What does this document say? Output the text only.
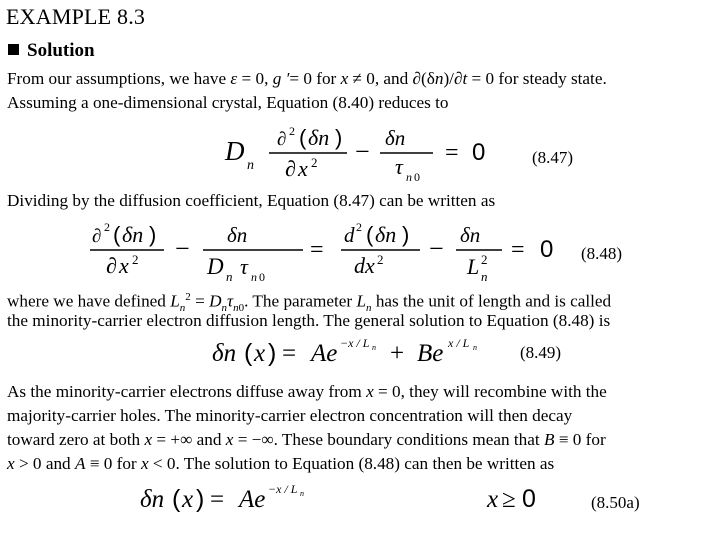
EXAMPLE 8.3
Solution
From our assumptions, we have ε = 0, g ′= 0 for x ≠ 0, and ∂(δn)/∂t = 0 for steady state.
Assuming a one-dimensional crystal, Equation (8.40) reduces to
D n
∂ 2 ( δn )
∂ x 2 − δn
τ n 0
= 0	(8.47)
Dividing by the diffusion coefficient, Equation (8.47) can be written as
∂ 2 ( δn )
∂ x 2 − δn
D n τ n 0
=
d 2 ( δn )
dx 2 − δn
L 2
n
= 0 (8.48)
where we have defined $L_n^2 = D_n\tau_{n0}$. The parameter $L_n$ has the unit of length and is called
the minority-carrier electron diffusion length. The general solution to Equation (8.48) is
δn ( x ) = Ae −x / L n + Be x / L n	(8.49)
As the minority-carrier electrons diffuse away from x = 0, they will recombine with the
majority-carrier holes. The minority-carrier electron concentration will then decay
toward zero at both x = +∞ and x = −∞. These boundary conditions mean that B ≡ 0 for
x > 0 and A ≡ 0 for x < 0. The solution to Equation (8.48) can then be written as
δn ( x ) = Ae −x / L n	x ≥ 0	(8.50a)
